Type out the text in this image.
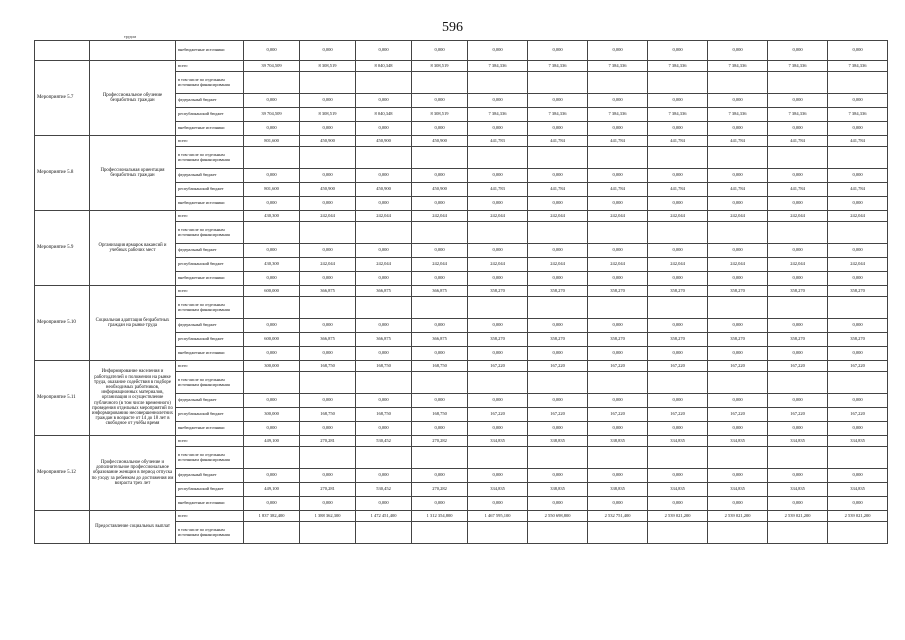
596
трудом
		внебюджетные источники	0,000	0,000	0,000	0,000	0,000	0,000	0,000	0,000	0,000	0,000	0,000
Мероприятие 5.7	Профессиональное обучение безработных граждан	всего	39 704,509	8 308,519	8 040,348	8 308,519	7 384,336	7 384,336	7 384,336	7 384,336	7 384,336	7 384,336	7 384,336
		в том числе по отдельным источникам финансирования											
		федеральный бюджет	0,000	0,000	0,000	0,000	0,000	0,000	0,000	0,000	0,000	0,000	0,000
		республиканский бюджет	39 704,509	8 308,519	8 040,348	8 308,519	7 384,336	7 384,336	7 384,336	7 384,336	7 384,336	7 384,336	7 384,336
		внебюджетные источники	0,000	0,000	0,000	0,000	0,000	0,000	0,000	0,000	0,000	0,000	0,000
Мероприятие 5.8	Профессиональная ориентация безработных граждан	всего	801,600	450,900	450,900	450,900	441,783	441,784	441,784	441,784	441,784	441,784	441,784
		в том числе по отдельным источникам финансирования											
		федеральный бюджет	0,000	0,000	0,000	0,000	0,000	0,000	0,000	0,000	0,000	0,000	0,000
		республиканский бюджет	801,600	450,900	450,900	450,900	441,783	441,784	441,784	441,784	441,784	441,784	441,784
		внебюджетные источники	0,000	0,000	0,000	0,000	0,000	0,000	0,000	0,000	0,000	0,000	0,000
Мероприятие 5.9	Организация ярмарок вакансий и учебных рабочих мест	всего	430,300	242,044	242,044	242,044	242,044	242,044	242,044	242,044	242,044	242,044	242,044
		в том числе по отдельным источникам финансирования											
		федеральный бюджет	0,000	0,000	0,000	0,000	0,000	0,000	0,000	0,000	0,000	0,000	0,000
		республиканский бюджет	430,300	242,044	242,044	242,044	242,044	242,044	242,044	242,044	242,044	242,044	242,044
		внебюджетные источники	0,000	0,000	0,000	0,000	0,000	0,000	0,000	0,000	0,000	0,000	0,000
Мероприятие 5.10	Социальная адаптация безработных граждан на рынке труда	всего	600,000	366,875	366,875	366,875	358,270	358,270	358,270	358,270	358,270	358,270	358,270
		в том числе по отдельным источникам финансирования											
		федеральный бюджет	0,000	0,000	0,000	0,000	0,000	0,000	0,000	0,000	0,000	0,000	0,000
		республиканский бюджет	600,000	366,875	366,875	366,875	358,270	358,270	358,270	358,270	358,270	358,270	358,270
		внебюджетные источники	0,000	0,000	0,000	0,000	0,000	0,000	0,000	0,000	0,000	0,000	0,000
Мероприятие 5.11	Информирование населения и работодателей о положении на рынке труда, оказание содействия в подборе необходимых работников, информационных материалов, организация и осуществление публичного (в том числе временного) проведения отдельных мероприятий по информированию несовершеннолетних граждан в возрасте от 14 до 18 лет в свободное от учёбы время	всего	300,000	168,750	168,750	168,750	167,220	167,220	167,220	167,220	167,220	167,220	167,220
		в том числе по отдельным источникам финансирования											
		федеральный бюджет	0,000	0,000	0,000	0,000	0,000	0,000	0,000	0,000	0,000	0,000	0,000
		республиканский бюджет	300,000	168,750	168,750	168,750	167,220	167,220	167,220	167,220	167,220	167,220	167,220
		внебюджетные источники	0,000	0,000	0,000	0,000	0,000	0,000	0,000	0,000	0,000	0,000	0,000
Мероприятие 5.12	Профессиональное обучение и дополнительное профессиональное образование женщин в период отпуска по уходу за ребенком до достижения им возраста трех лет	всего	449,100	270,281	530,452	270,282	334,835	338,835	338,835	334,835	334,835	334,835	334,835
		в том числе по отдельным источникам финансирования											
		федеральный бюджет	0,000	0,000	0,000	0,000	0,000	0,000	0,000	0,000	0,000	0,000	0,000
		республиканский бюджет	449,100	270,281	530,452	270,282	334,835	338,835	338,835	334,835	334,835	334,835	334,835
		внебюджетные источники	0,000	0,000	0,000	0,000	0,000	0,000	0,000	0,000	0,000	0,000	0,000
	Предоставление социальных выплат	всего	1 837 382,400	1 388 362,300	1 472 451,400	1 312 354,800	1 467 595,100	2 550 698,800	2 532 751,400	2 539 021,200	2 539 021,200	2 539 021,200	2 539 021,200
		в том числе по отдельным источникам финансирования											
